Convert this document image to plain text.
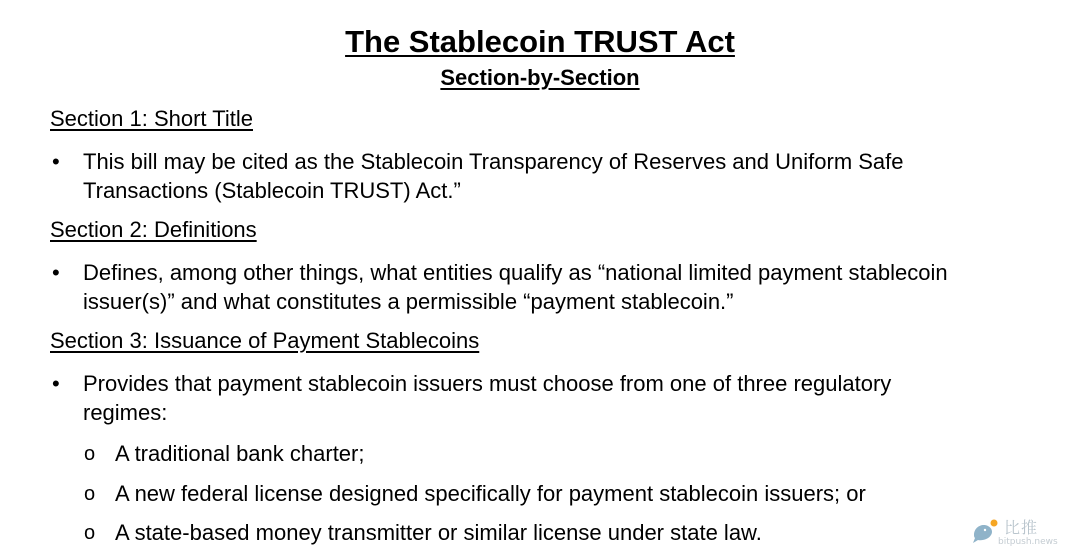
The Stablecoin TRUST Act
Section-by-Section
Section 1: Short Title
• This bill may be cited as the Stablecoin Transparency of Reserves and Uniform Safe
Transactions (Stablecoin TRUST) Act.”
Section 2: Definitions
• Defines, among other things, what entities qualify as “national limited payment stablecoin
issuer(s)” and what constitutes a permissible “payment stablecoin.”
Section 3: Issuance of Payment Stablecoins
• Provides that payment stablecoin issuers must choose from one of three regulatory
regimes:
o A traditional bank charter;
o A new federal license designed specifically for payment stablecoin issuers; or
o A state-based money transmitter or similar license under state law.	比推
bitpush.news
